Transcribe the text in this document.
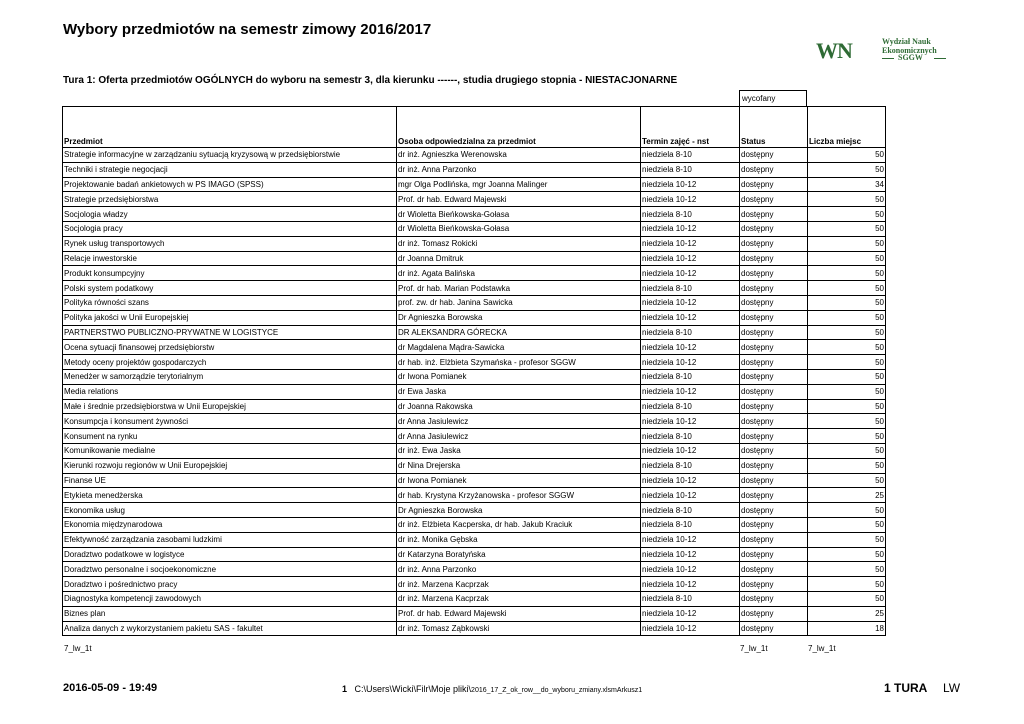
Wybory przedmiotów na semestr zimowy 2016/2017
WN	Wydział Nauk
Ekonomicznych
SGGW
Tura 1: Oferta przedmiotów OGÓLNYCH do wyboru na semestr 3, dla kierunku ------, studia drugiego stopnia - NIESTACJONARNE
wycofany
Przedmiot	Osoba odpowiedzialna za przedmiot	Termin zajęć - nst	Status	Liczba miejsc
Strategie informacyjne w zarządzaniu sytuacją kryzysową w przedsiębiorstwie	dr inż. Agnieszka Werenowska	niedziela 8-10	dostępny	50
Techniki i strategie negocjacji	dr inż. Anna Parzonko	niedziela 8-10	dostępny	50
Projektowanie badań ankietowych w PS IMAGO (SPSS)	mgr Olga Podlińska, mgr Joanna Malinger	niedziela 10-12	dostępny	34
Strategie przedsiębiorstwa	Prof. dr hab. Edward Majewski	niedziela 10-12	dostępny	50
Socjologia władzy	dr Wioletta Bieńkowska-Gołasa	niedziela 8-10	dostępny	50
Socjologia pracy	dr Wioletta Bieńkowska-Gołasa	niedziela 10-12	dostępny	50
Rynek usług transportowych	dr inż. Tomasz Rokicki	niedziela 10-12	dostępny	50
Relacje inwestorskie	dr Joanna Dmitruk	niedziela 10-12	dostępny	50
Produkt konsumpcyjny	dr inż. Agata Balińska	niedziela 10-12	dostępny	50
Polski system podatkowy	Prof. dr hab. Marian Podstawka	niedziela 8-10	dostępny	50
Polityka równości szans	prof. zw. dr hab. Janina Sawicka	niedziela 10-12	dostępny	50
Polityka jakości w Unii Europejskiej	Dr Agnieszka Borowska	niedziela 10-12	dostępny	50
PARTNERSTWO PUBLICZNO-PRYWATNE W LOGISTYCE	DR ALEKSANDRA GÓRECKA	niedziela 8-10	dostępny	50
Ocena sytuacji finansowej przedsiębiorstw	dr Magdalena Mądra-Sawicka	niedziela 10-12	dostępny	50
Metody oceny projektów gospodarczych	dr hab. inż. Elżbieta Szymańska - profesor SGGW	niedziela 10-12	dostępny	50
Menedżer w samorządzie terytorialnym	dr Iwona Pomianek	niedziela 8-10	dostępny	50
Media relations	dr Ewa Jaska	niedziela 10-12	dostępny	50
Małe i średnie przedsiębiorstwa w Unii Europejskiej	dr Joanna Rakowska	niedziela 8-10	dostępny	50
Konsumpcja i konsument żywności	dr Anna Jasiulewicz	niedziela 10-12	dostępny	50
Konsument na rynku	dr Anna Jasiulewicz	niedziela 8-10	dostępny	50
Komunikowanie medialne	dr inż. Ewa Jaska	niedziela 10-12	dostępny	50
Kierunki rozwoju regionów w Unii Europejskiej	dr Nina Drejerska	niedziela 8-10	dostępny	50
Finanse UE	dr Iwona Pomianek	niedziela 10-12	dostępny	50
Etykieta menedżerska	dr hab. Krystyna Krzyżanowska - profesor SGGW	niedziela 10-12	dostępny	25
Ekonomika usług	Dr Agnieszka Borowska	niedziela 8-10	dostępny	50
Ekonomia międzynarodowa	dr inż. Elżbieta Kacperska, dr hab. Jakub Kraciuk	niedziela 8-10	dostępny	50
Efektywność zarządzania zasobami ludzkimi	dr inż. Monika Gębska	niedziela 10-12	dostępny	50
Doradztwo podatkowe w logistyce	dr Katarzyna Boratyńska	niedziela 10-12	dostępny	50
Doradztwo personalne i socjoekonomiczne	dr inż. Anna Parzonko	niedziela 10-12	dostępny	50
Doradztwo i pośrednictwo pracy	dr inż. Marzena Kacprzak	niedziela 10-12	dostępny	50
Diagnostyka kompetencji zawodowych	dr inż. Marzena Kacprzak	niedziela 8-10	dostępny	50
Biznes plan	Prof. dr hab. Edward Majewski	niedziela 10-12	dostępny	25
Analiza danych z wykorzystaniem pakietu SAS - fakultet	dr inż. Tomasz Ząbkowski	niedziela 10-12	dostępny	18
7_lw_1t	7_lw_1t	7_lw_1t
2016-05-09 - 19:49	1 C:\Users\Wicki\Filr\Moje pliki\2016_17_Z_ok_row__do_wyboru_zmiany.xlsmArkusz1	1 TURA LW
